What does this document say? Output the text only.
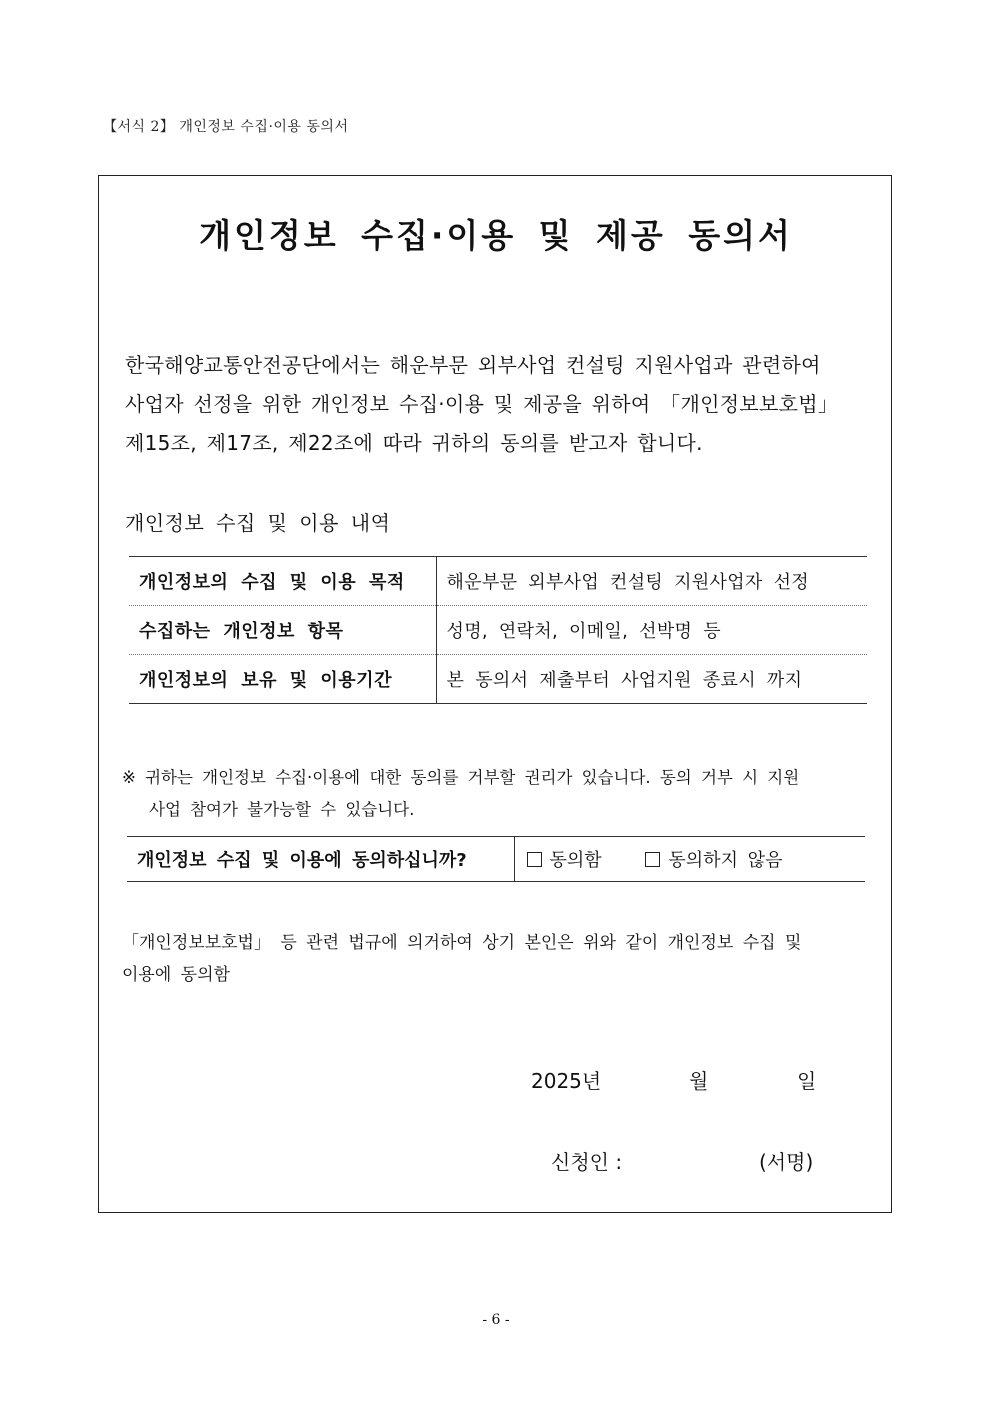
【서식 2】 개인정보 수집·이용 동의서
개인정보 수집·이용 및 제공 동의서
한국해양교통안전공단에서는 해운부문 외부사업 컨설팅 지원사업과 관련하여
사업자 선정을 위한 개인정보 수집·이용 및 제공을 위하여 「개인정보보호법」
제15조, 제17조, 제22조에 따라 귀하의 동의를 받고자 합니다.
개인정보 수집 및 이용 내역
개인정보의 수집 및 이용 목적	해운부문 외부사업 컨설팅 지원사업자 선정
수집하는 개인정보 항목	성명, 연락처, 이메일, 선박명 등
개인정보의 보유 및 이용기간	본 동의서 제출부터 사업지원 종료시 까지
※ 귀하는 개인정보 수집·이용에 대한 동의를 거부할 권리가 있습니다. 동의 거부 시 지원
사업 참여가 불가능할 수 있습니다.
개인정보 수집 및 이용에 동의하십니까?	동의함	동의하지 않음
「개인정보보호법」 등 관련 법규에 의거하여 상기 본인은 위와 같이 개인정보 수집 및
이용에 동의함
2025년	월	일
신청인 :	(서명)
- 6 -
